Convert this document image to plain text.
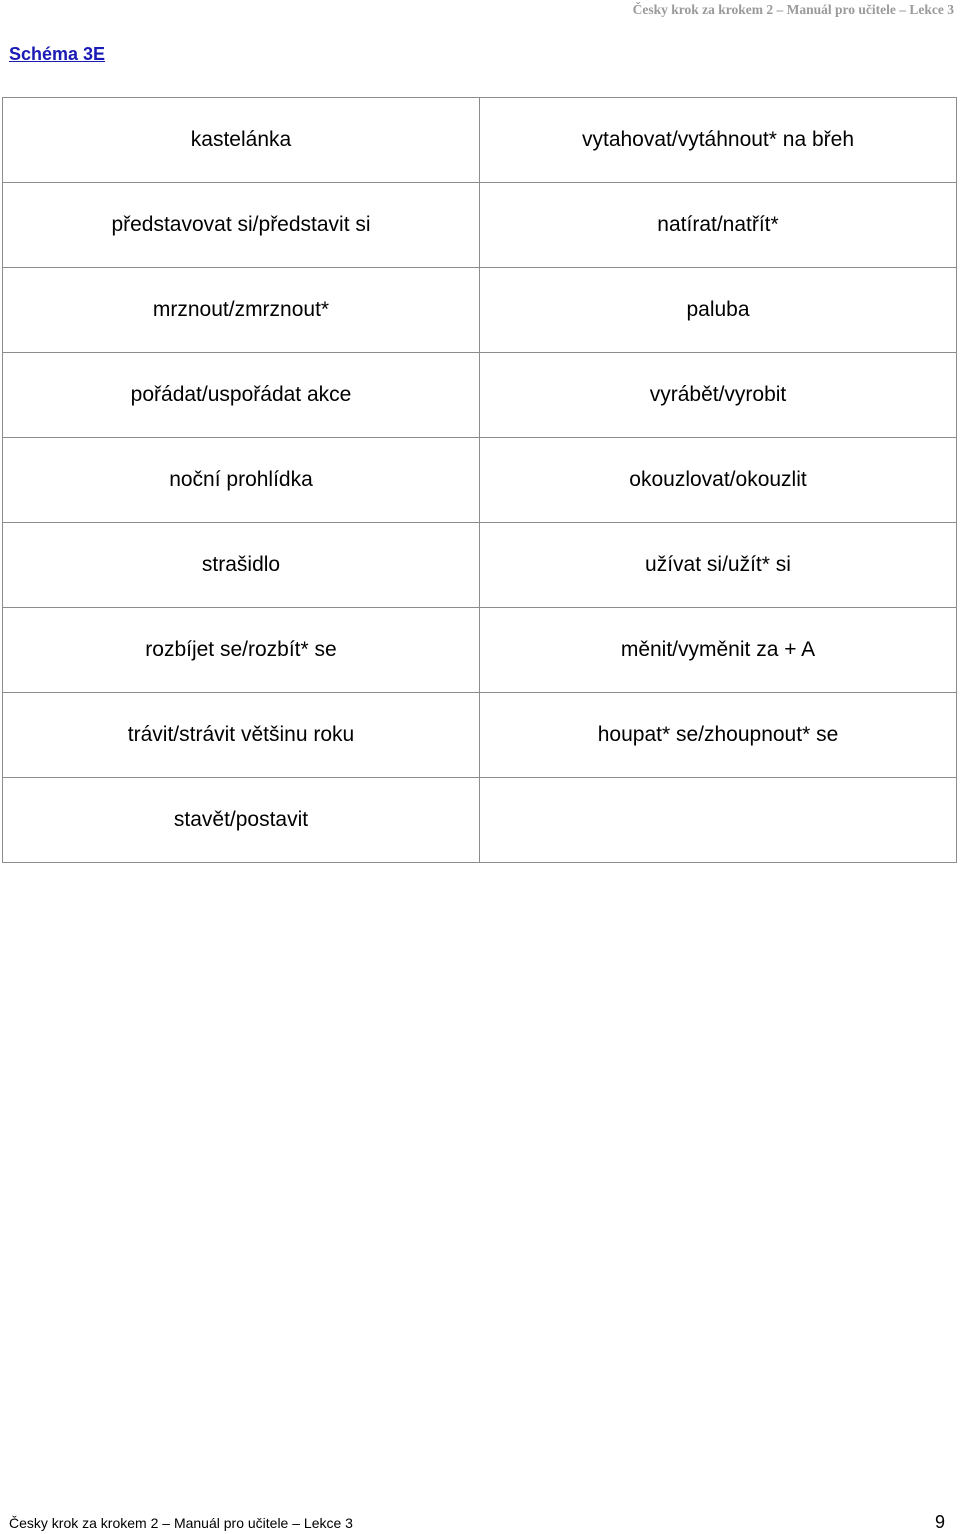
Česky krok za krokem 2 – Manuál pro učitele – Lekce 3
Schéma 3E
kastelánka	vytahovat/vytáhnout* na břeh
představovat si/představit si	natírat/natřít*
mrznout/zmrznout*	paluba
pořádat/uspořádat akce	vyrábět/vyrobit
noční prohlídka	okouzlovat/okouzlit
strašidlo	užívat si/užít* si
rozbíjet se/rozbít* se	měnit/vyměnit za + A
trávit/strávit většinu roku	houpat* se/zhoupnout* se
stavět/postavit	
Česky krok za krokem 2 – Manuál pro učitele – Lekce 3	9
